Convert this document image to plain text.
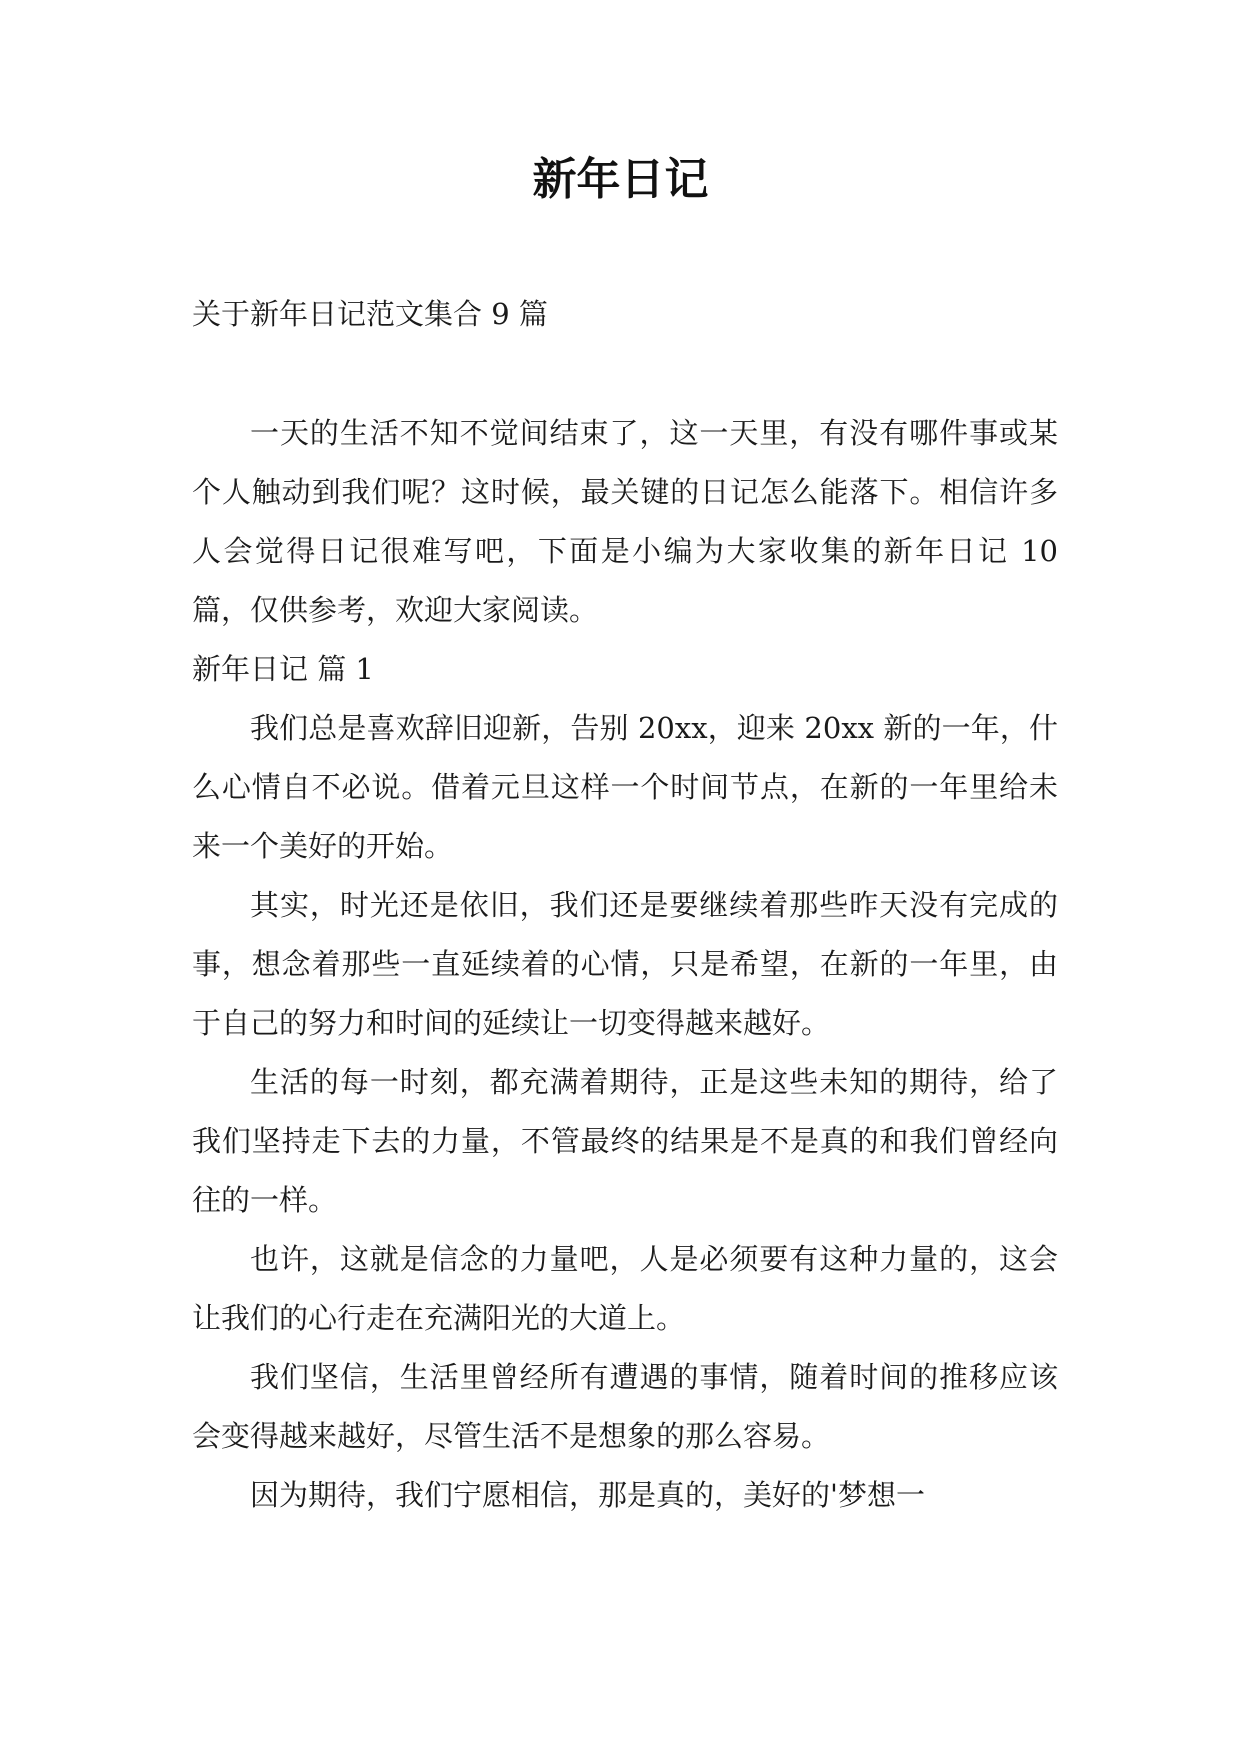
新年日记

关于新年日记范文集合 9 篇

一天的生活不知不觉间结束了，这一天里，有没有哪件事或某个人触动到我们呢？这时候，最关键的日记怎么能落下。相信许多人会觉得日记很难写吧，下面是小编为大家收集的新年日记 10 篇，仅供参考，欢迎大家阅读。

新年日记 篇 1

我们总是喜欢辞旧迎新，告别 20xx，迎来 20xx 新的一年，什么心情自不必说。借着元旦这样一个时间节点，在新的一年里给未来一个美好的开始。

其实，时光还是依旧，我们还是要继续着那些昨天没有完成的事，想念着那些一直延续着的心情，只是希望，在新的一年里，由于自己的努力和时间的延续让一切变得越来越好。

生活的每一时刻，都充满着期待，正是这些未知的期待，给了我们坚持走下去的力量，不管最终的结果是不是真的和我们曾经向往的一样。

也许，这就是信念的力量吧，人是必须要有这种力量的，这会让我们的心行走在充满阳光的大道上。

我们坚信，生活里曾经所有遭遇的事情，随着时间的推移应该会变得越来越好，尽管生活不是想象的那么容易。

因为期待，我们宁愿相信，那是真的，美好的'梦想一
